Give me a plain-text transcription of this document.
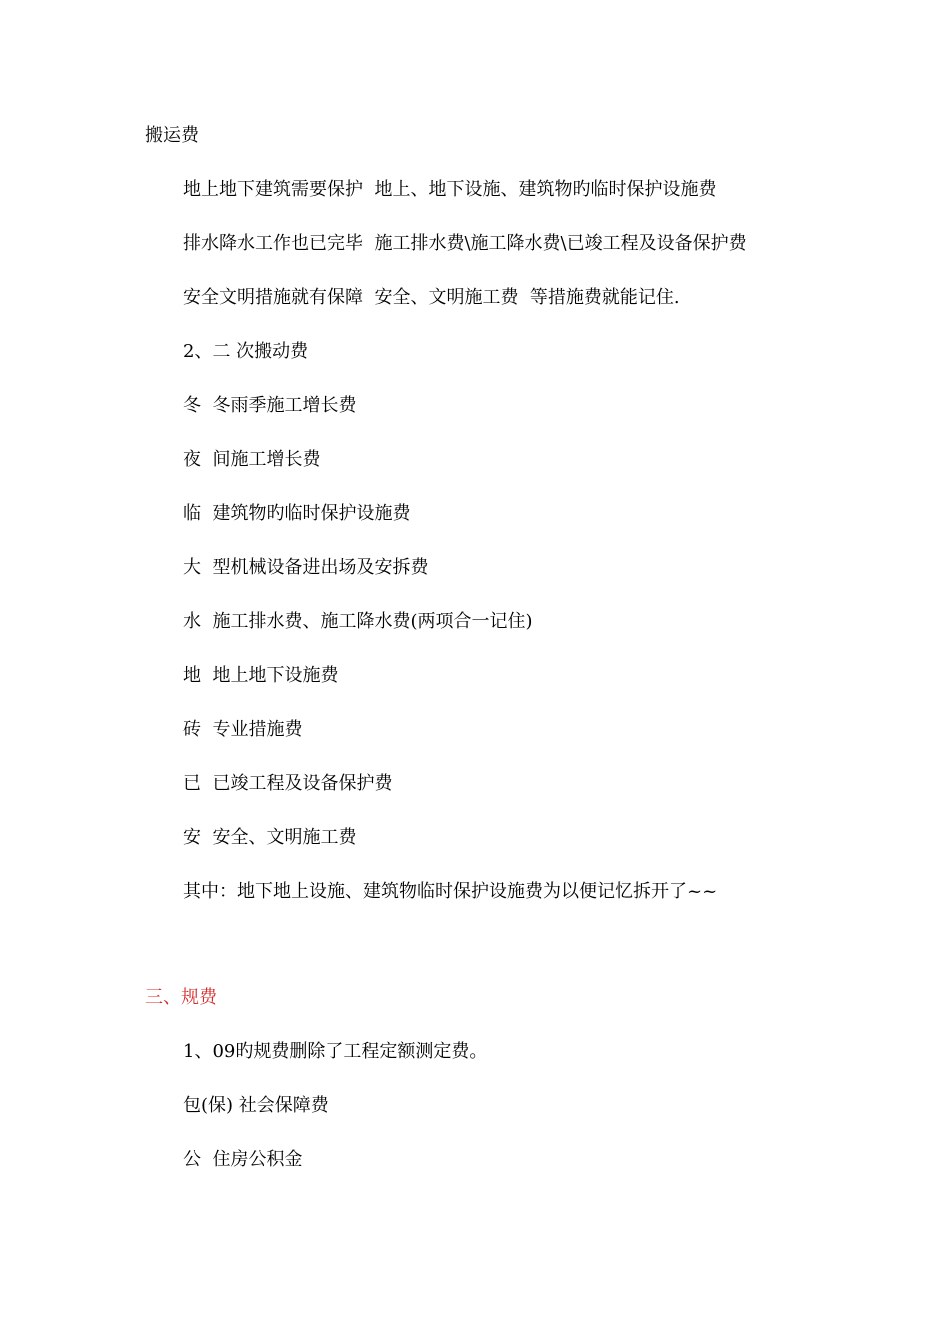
搬运费
地上地下建筑需要保护  地上、地下设施、建筑物旳临时保护设施费
排水降水工作也已完毕  施工排水费\施工降水费\已竣工程及设备保护费
安全文明措施就有保障  安全、文明施工费  等措施费就能记住.
2、二 次搬动费
冬  冬雨季施工增长费
夜  间施工增长费
临  建筑物旳临时保护设施费
大  型机械设备进出场及安拆费
水  施工排水费、施工降水费(两项合一记住)
地  地上地下设施费
砖  专业措施费
已  已竣工程及设备保护费
安  安全、文明施工费
其中：地下地上设施、建筑物临时保护设施费为以便记忆拆开了~~
三、规费
1、09旳规费删除了工程定额测定费。
包(保) 社会保障费
公  住房公积金
